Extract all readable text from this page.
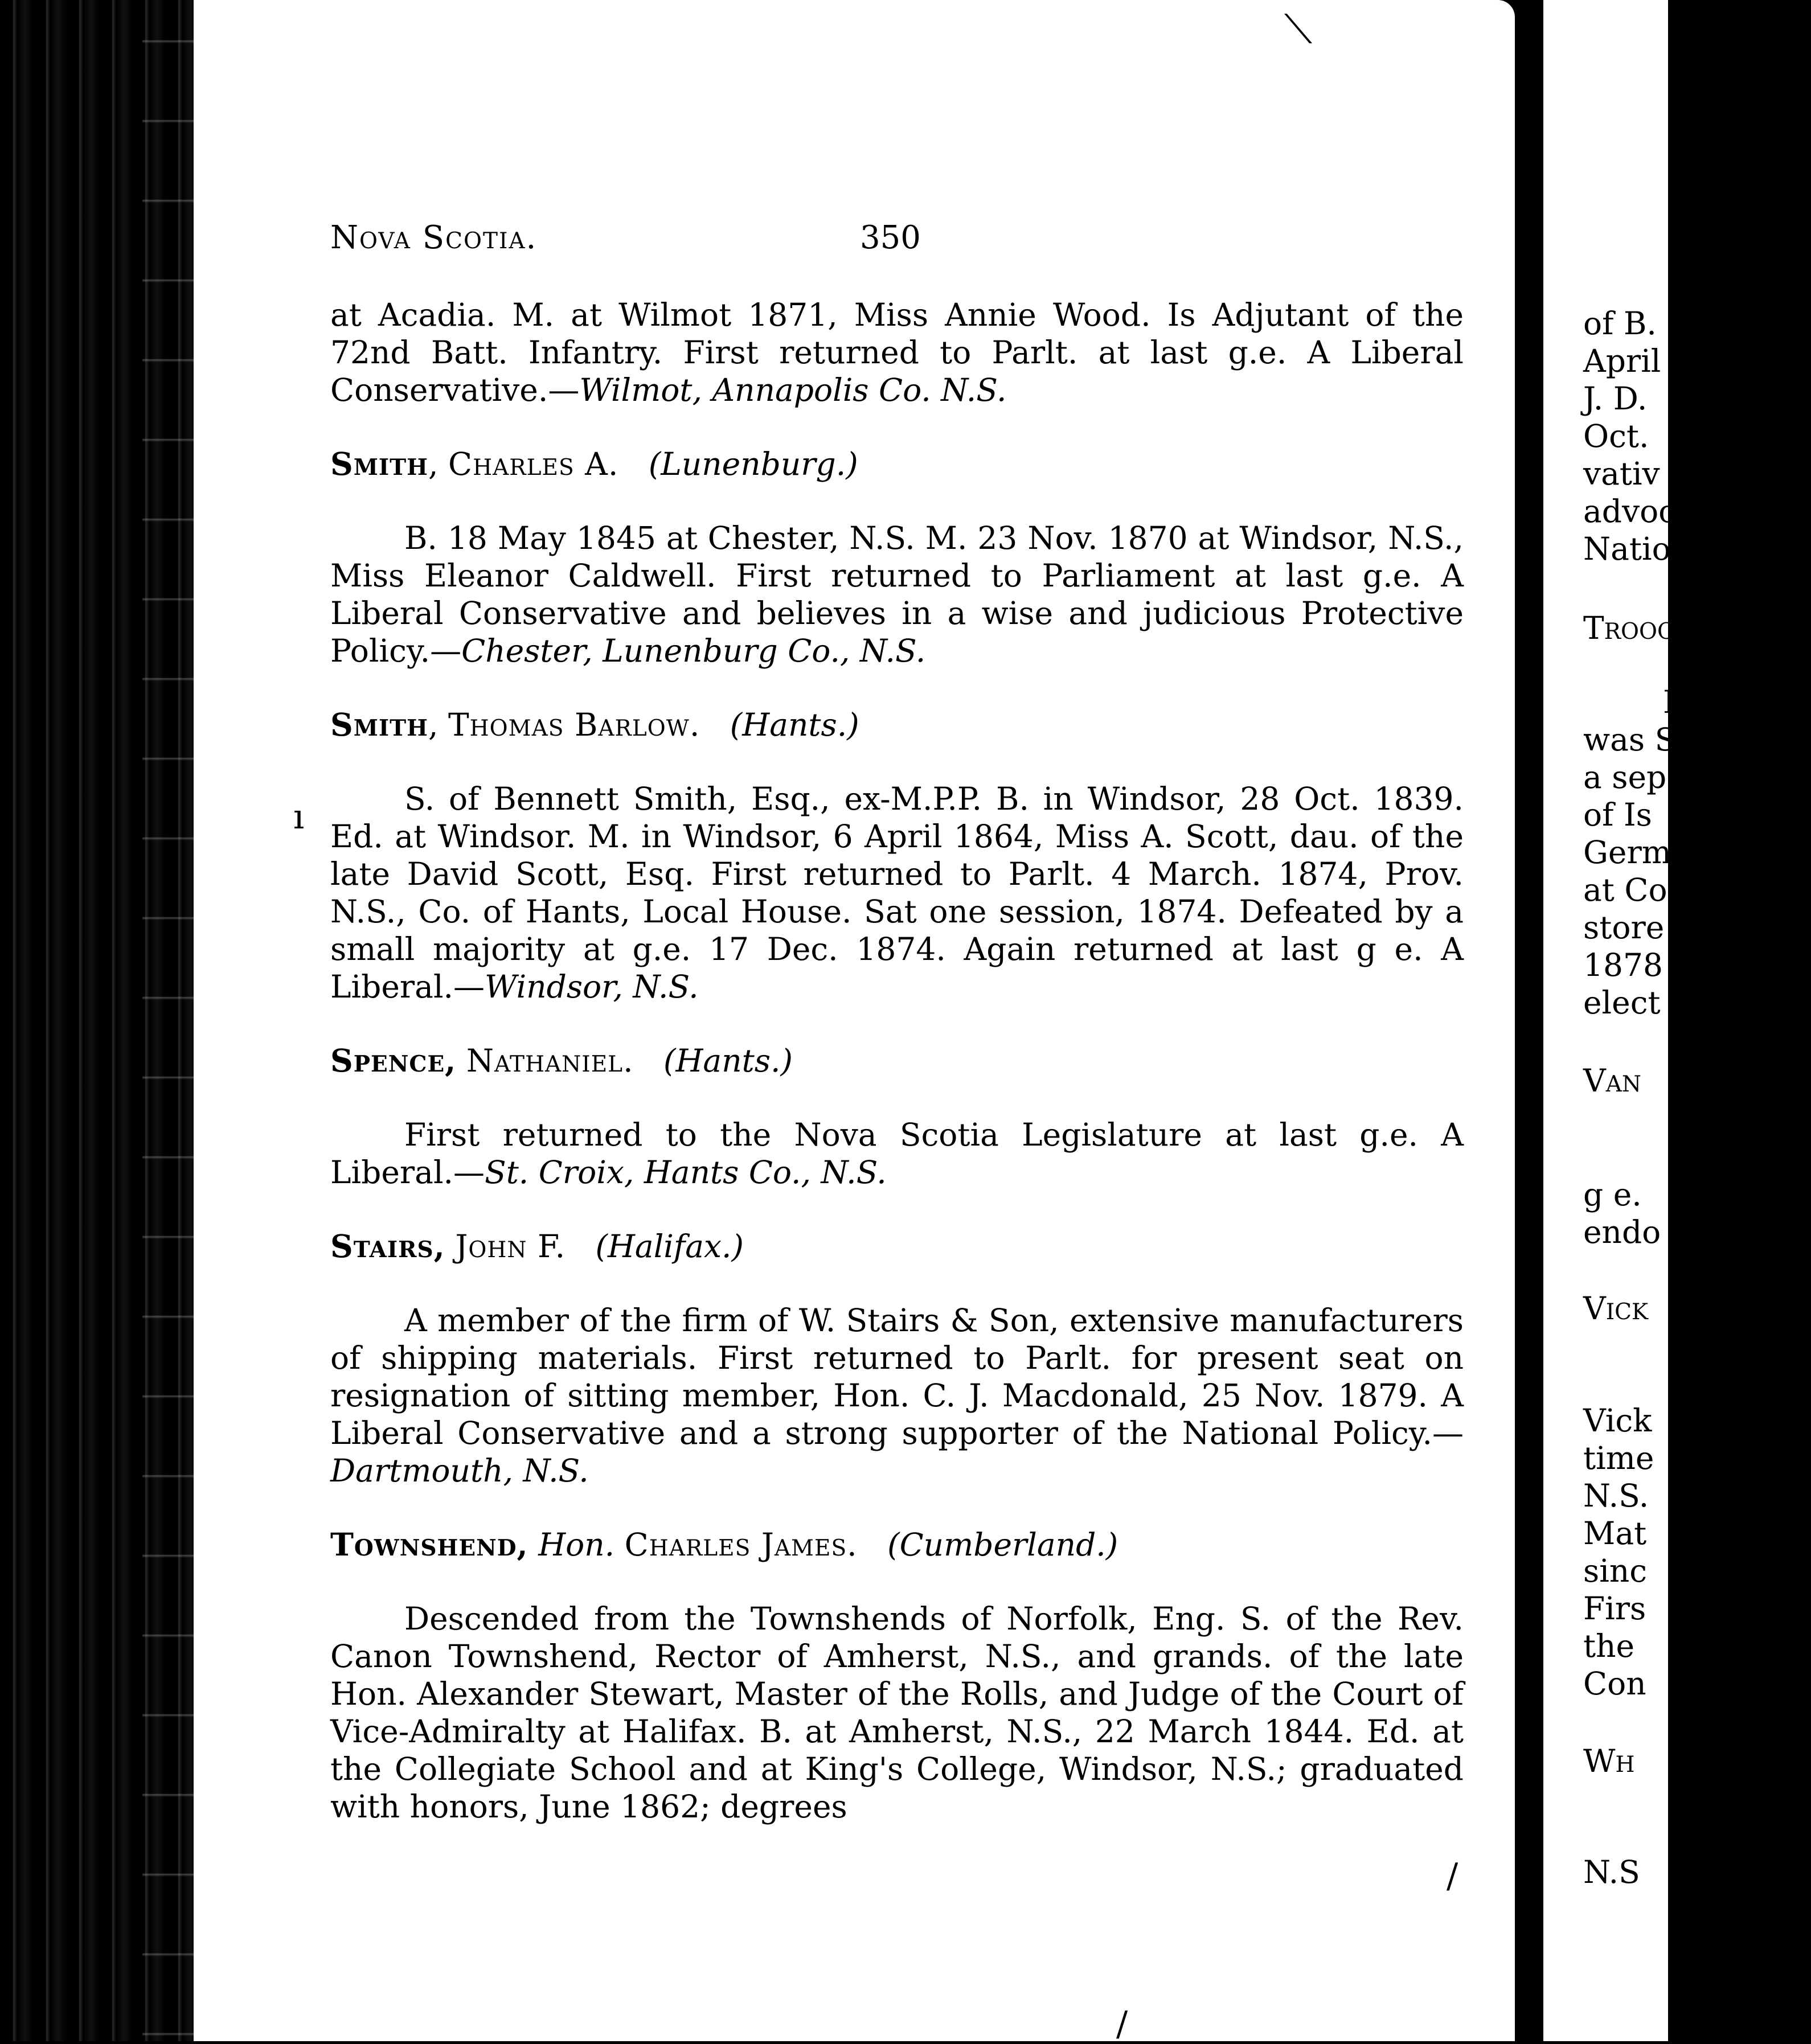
Nova Scotia.	350

at Acadia. M. at Wilmot 1871, Miss Annie Wood. Is Adjutant of the 72nd Batt. Infantry. First returned to Parlt. at last g.e. A Liberal Conservative.—Wilmot, Annapolis Co. N.S.

Smith, Charles A. (Lunenburg.)

B. 18 May 1845 at Chester, N.S. M. 23 Nov. 1870 at Windsor, N.S., Miss Eleanor Caldwell. First returned to Parliament at last g.e. A Liberal Conservative and believes in a wise and judicious Protective Policy.—Chester, Lunenburg Co., N.S.

Smith, Thomas Barlow. (Hants.)

S. of Bennett Smith, Esq., ex-M.P.P. B. in Windsor, 28 Oct. 1839. Ed. at Windsor. M. in Windsor, 6 April 1864, Miss A. Scott, dau. of the late David Scott, Esq. First returned to Parlt. 4 March. 1874, Prov. N.S., Co. of Hants, Local House. Sat one session, 1874. Defeated by a small majority at g.e. 17 Dec. 1874. Again returned at last g e. A Liberal.—Windsor, N.S.

Spence, Nathaniel. (Hants.)

First returned to the Nova Scotia Legislature at last g.e. A Liberal.—St. Croix, Hants Co., N.S.

Stairs, John F. (Halifax.)

A member of the firm of W. Stairs & Son, extensive manufacturers of shipping materials. First returned to Parlt. for present seat on resignation of sitting member, Hon. C. J. Macdonald, 25 Nov. 1879. A Liberal Conservative and a strong supporter of the National Policy.—Dartmouth, N.S.

Townshend, Hon. Charles James. (Cumberland.)

Descended from the Townshends of Norfolk, Eng. S. of the Rev. Canon Townshend, Rector of Amherst, N.S., and grands. of the late Hon. Alexander Stewart, Master of the Rolls, and Judge of the Court of Vice-Admiralty at Halifax. B. at Amherst, N.S., 22 March 1844. Ed. at the Collegiate School and at King's College, Windsor, N.S.; graduated with honors, June 1862; degrees

of B.
April
J. D.
Oct.
vativ
advoc
Natio
Trooo
I
was S
a sep
of Is
Germ
at Co
store
1878
elect
Van
g e.
endo
Vick
Vick
time
N.S.
Mat
sinc
Firs
the
Con
Wh
N.S
⟍
/
/
ı
